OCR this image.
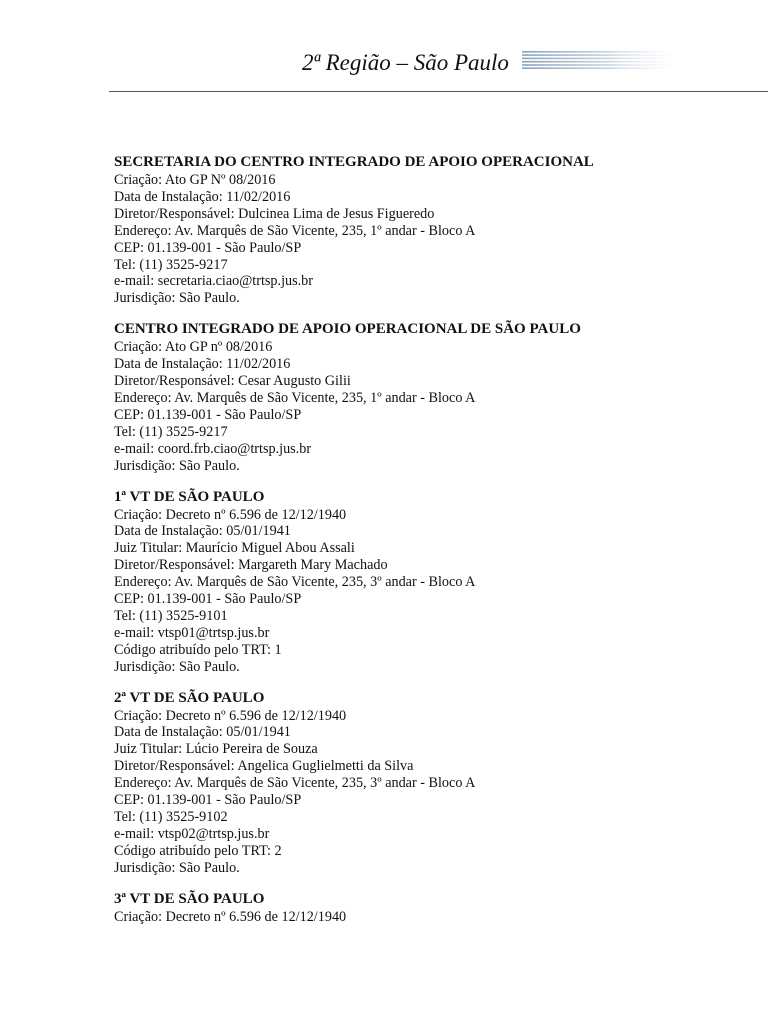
2ª Região – São Paulo
SECRETARIA DO CENTRO INTEGRADO DE APOIO OPERACIONAL
Criação: Ato GP Nº 08/2016
Data de Instalação: 11/02/2016
Diretor/Responsável: Dulcinea Lima de Jesus Figueredo
Endereço: Av. Marquês de São Vicente, 235, 1º andar - Bloco A
CEP: 01.139-001 - São Paulo/SP
Tel: (11) 3525-9217
e-mail: secretaria.ciao@trtsp.jus.br
Jurisdição: São Paulo.
CENTRO INTEGRADO DE APOIO OPERACIONAL DE SÃO PAULO
Criação: Ato GP nº 08/2016
Data de Instalação: 11/02/2016
Diretor/Responsável: Cesar Augusto Gilii
Endereço: Av. Marquês de São Vicente, 235, 1º andar - Bloco A
CEP: 01.139-001 - São Paulo/SP
Tel: (11) 3525-9217
e-mail: coord.frb.ciao@trtsp.jus.br
Jurisdição: São Paulo.
1ª VT DE SÃO PAULO
Criação: Decreto nº 6.596 de 12/12/1940
Data de Instalação: 05/01/1941
Juiz Titular: Maurício Miguel Abou Assali
Diretor/Responsável: Margareth Mary Machado
Endereço: Av. Marquês de São Vicente, 235, 3º andar - Bloco A
CEP: 01.139-001 - São Paulo/SP
Tel: (11) 3525-9101
e-mail: vtsp01@trtsp.jus.br
Código atribuído pelo TRT: 1
Jurisdição: São Paulo.
2ª VT DE SÃO PAULO
Criação: Decreto nº 6.596 de 12/12/1940
Data de Instalação: 05/01/1941
Juiz Titular: Lúcio Pereira de Souza
Diretor/Responsável: Angelica Guglielmetti da Silva
Endereço: Av. Marquês de São Vicente, 235, 3º andar - Bloco A
CEP: 01.139-001 - São Paulo/SP
Tel: (11) 3525-9102
e-mail: vtsp02@trtsp.jus.br
Código atribuído pelo TRT: 2
Jurisdição: São Paulo.
3ª VT DE SÃO PAULO
Criação: Decreto nº 6.596 de 12/12/1940
